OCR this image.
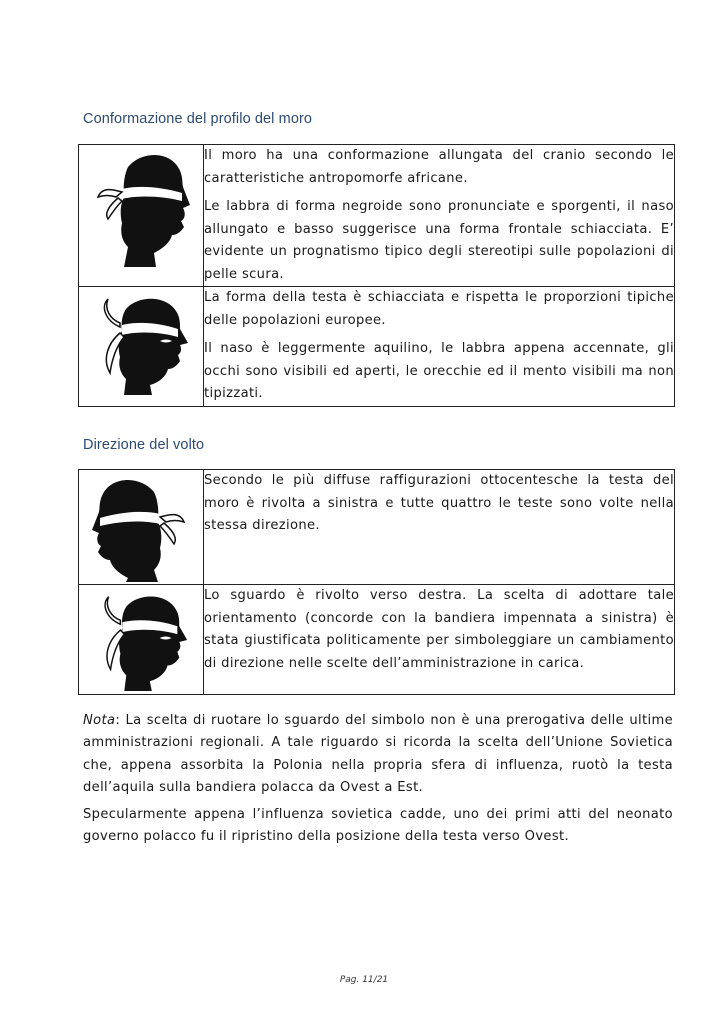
Conformazione del profilo del moro

Il moro ha una conformazione allungata del cranio secondo le caratteristiche antropomorfe africane.

Le labbra di forma negroide sono pronunciate e sporgenti, il naso allungato e basso suggerisce una forma frontale schiacciata. E’ evidente un prognatismo tipico degli stereotipi sulle popolazioni di pelle scura.

La forma della testa è schiacciata e rispetta le proporzioni tipiche delle popolazioni europee.

Il naso è leggermente aquilino, le labbra appena accennate, gli occhi sono visibili ed aperti, le orecchie ed il mento visibili ma non tipizzati.

Direzione del volto

Secondo le più diffuse raffigurazioni ottocentesche la testa del moro è rivolta a sinistra e tutte quattro le teste sono volte nella stessa direzione.

Lo sguardo è rivolto verso destra. La scelta di adottare tale orientamento (concorde con la bandiera impennata a sinistra) è stata giustificata politicamente per simboleggiare un cambiamento di direzione nelle scelte dell’amministrazione in carica.

Nota: La scelta di ruotare lo sguardo del simbolo non è una prerogativa delle ultime amministrazioni regionali. A tale riguardo si ricorda la scelta dell’Unione Sovietica che, appena assorbita la Polonia nella propria sfera di influenza, ruotò la testa dell’aquila sulla bandiera polacca da Ovest a Est.

Specularmente appena l’influenza sovietica cadde, uno dei primi atti del neonato governo polacco fu il ripristino della posizione della testa verso Ovest.

Pag. 11/21
